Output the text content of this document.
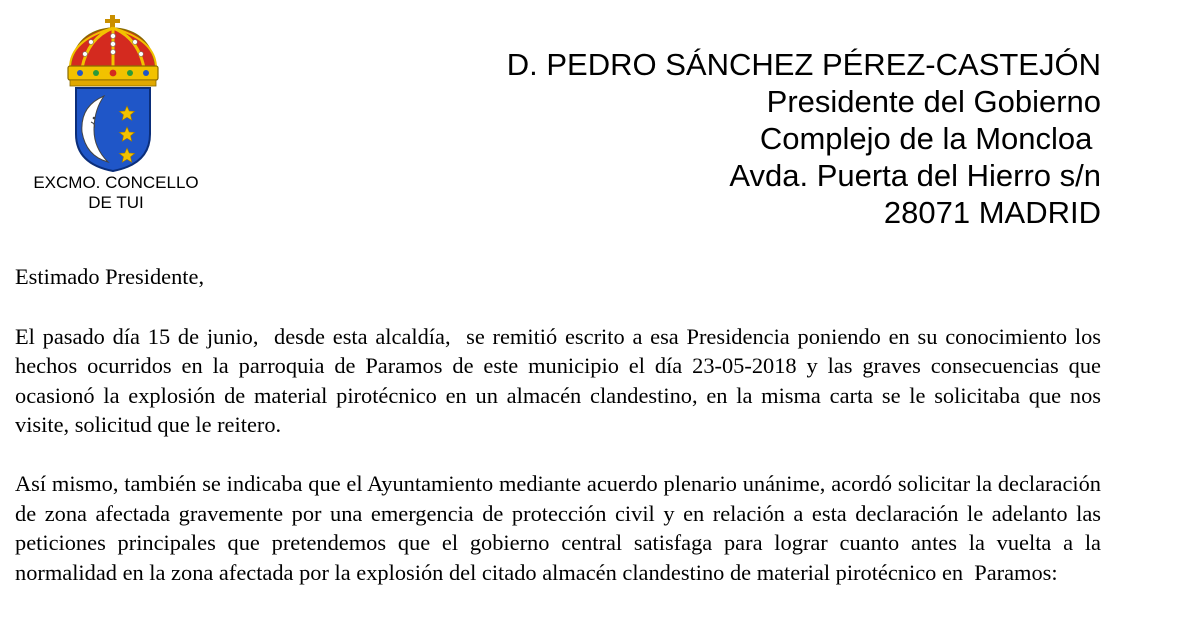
EXCMO. CONCELLO
DE TUI
D. PEDRO SÁNCHEZ PÉREZ-CASTEJÓN
Presidente del Gobierno
Complejo de la Moncloa
Avda. Puerta del Hierro s/n
28071 MADRID

Estimado Presidente,

El pasado día 15 de junio,  desde esta alcaldía,  se remitió escrito a esa Presidencia poniendo en su conocimiento los hechos ocurridos en la parroquia de Paramos de este municipio el día 23-05-2018 y las graves consecuencias que ocasionó la explosión de material pirotécnico en un almacén clandestino, en la misma carta se le solicitaba que nos visite, solicitud que le reitero.

Así mismo, también se indicaba que el Ayuntamiento mediante acuerdo plenario unánime, acordó solicitar la declaración de zona afectada gravemente por una emergencia de protección civil y en relación a esta declaración le adelanto las peticiones principales que pretendemos que el gobierno central satisfaga para lograr cuanto antes la vuelta a la normalidad en la zona afectada por la explosión del citado almacén clandestino de material pirotécnico en  Paramos:
